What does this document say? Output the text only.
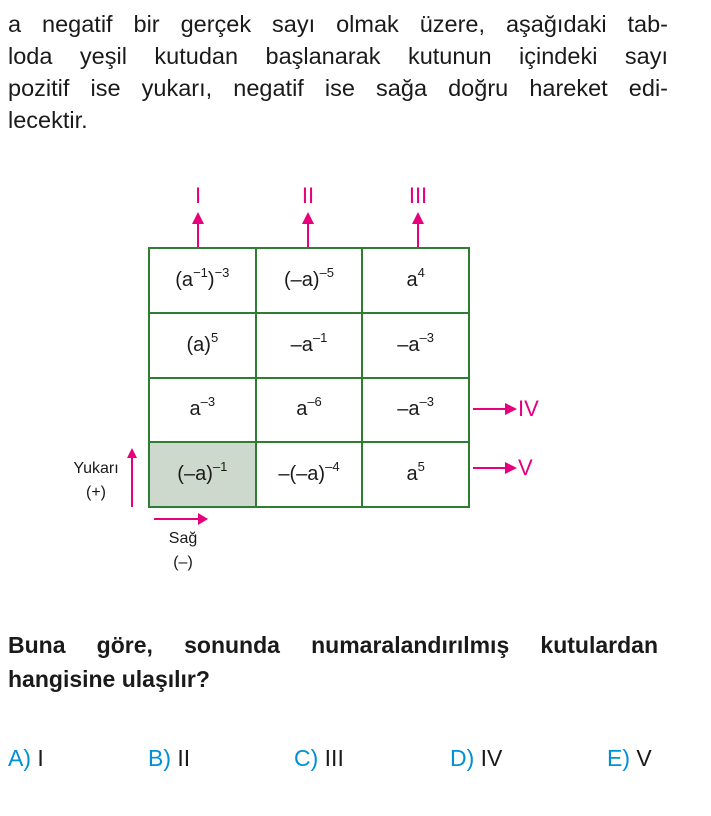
a negatif bir gerçek sayı olmak üzere, aşağıdaki tab-
loda yeşil kutudan başlanarak kutunun içindeki sayı
pozitif ise yukarı, negatif ise sağa doğru hareket edi-
lecektir.

I	II	III
$(a^{-1})^{-3}$	$(-a)^{-5}$	$a^4$
$(a)^5$	$-a^{-1}$	$-a^{-3}$
$a^{-3}$	$a^{-6}$	$-a^{-3}$
$(-a)^{-1}$	$-(-a)^{-4}$	$a^5$
IV
V
Yukarı
(+)
Sağ
(–)

Buna göre, sonunda numaralandırılmış kutulardan
hangisine ulaşılır?

A) I	B) II	C) III	D) IV	E) V
